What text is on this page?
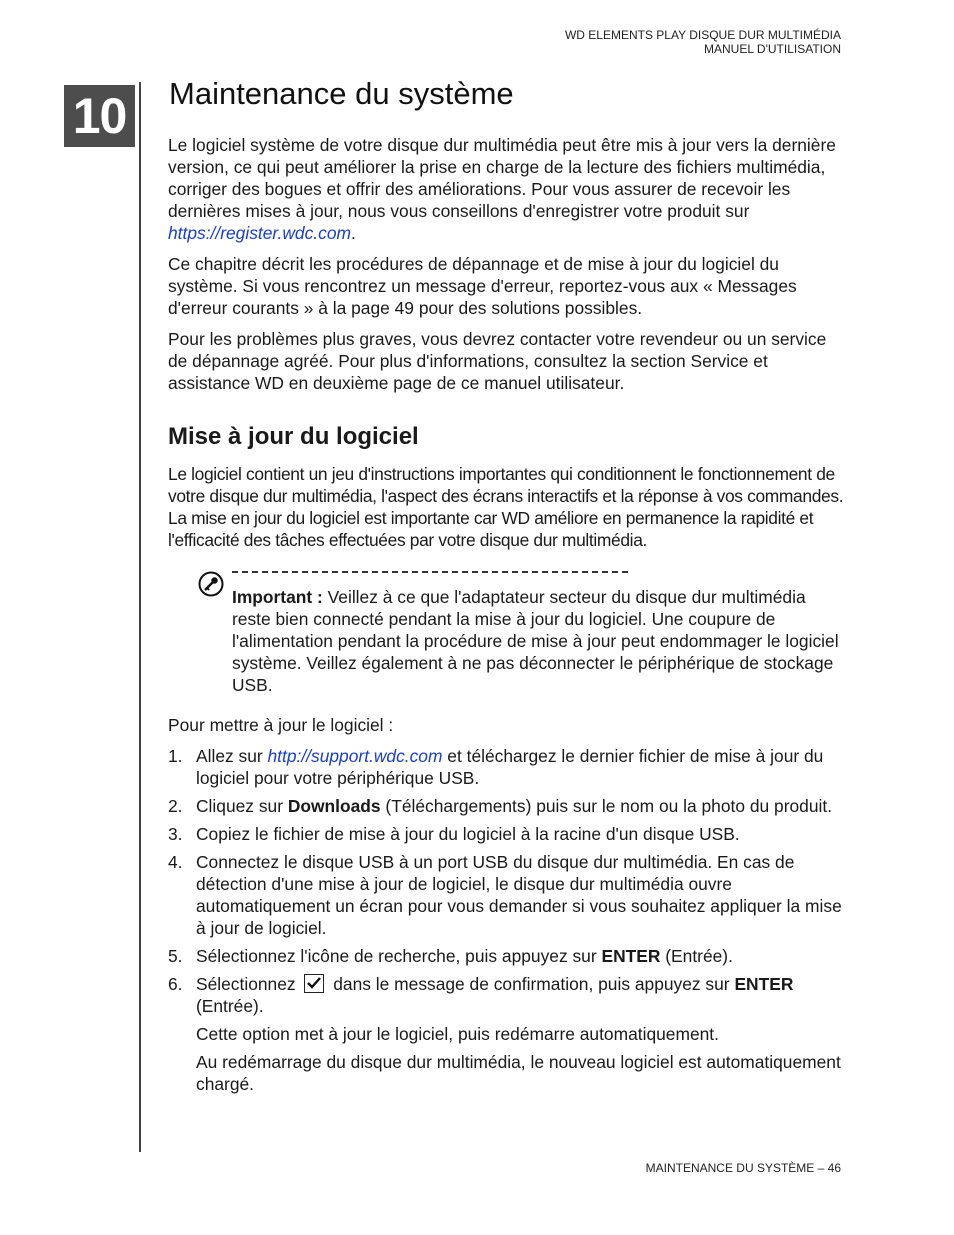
WD ELEMENTS PLAY DISQUE DUR MULTIMÉDIA
MANUEL D'UTILISATION
10 Maintenance du système

Le logiciel système de votre disque dur multimédia peut être mis à jour vers la dernière version, ce qui peut améliorer la prise en charge de la lecture des fichiers multimédia, corriger des bogues et offrir des améliorations. Pour vous assurer de recevoir les dernières mises à jour, nous vous conseillons d'enregistrer votre produit sur https://register.wdc.com.

Ce chapitre décrit les procédures de dépannage et de mise à jour du logiciel du système. Si vous rencontrez un message d'erreur, reportez-vous aux « Messages d'erreur courants » à la page 49 pour des solutions possibles.

Pour les problèmes plus graves, vous devrez contacter votre revendeur ou un service de dépannage agréé. Pour plus d'informations, consultez la section Service et assistance WD en deuxième page de ce manuel utilisateur.

Mise à jour du logiciel

Le logiciel contient un jeu d'instructions importantes qui conditionnent le fonctionnement de votre disque dur multimédia, l'aspect des écrans interactifs et la réponse à vos commandes. La mise en jour du logiciel est importante car WD améliore en permanence la rapidité et l'efficacité des tâches effectuées par votre disque dur multimédia.

Important : Veillez à ce que l'adaptateur secteur du disque dur multimédia reste bien connecté pendant la mise à jour du logiciel. Une coupure de l'alimentation pendant la procédure de mise à jour peut endommager le logiciel système. Veillez également à ne pas déconnecter le périphérique de stockage USB.

Pour mettre à jour le logiciel :

1. Allez sur http://support.wdc.com et téléchargez le dernier fichier de mise à jour du logiciel pour votre périphérique USB.
2. Cliquez sur Downloads (Téléchargements) puis sur le nom ou la photo du produit.
3. Copiez le fichier de mise à jour du logiciel à la racine d'un disque USB.
4. Connectez le disque USB à un port USB du disque dur multimédia. En cas de détection d'une mise à jour de logiciel, le disque dur multimédia ouvre automatiquement un écran pour vous demander si vous souhaitez appliquer la mise à jour de logiciel.
5. Sélectionnez l'icône de recherche, puis appuyez sur ENTER (Entrée).
6. Sélectionnez
dans le message de confirmation, puis appuyez sur ENTER (Entrée).
Cette option met à jour le logiciel, puis redémarre automatiquement.
Au redémarrage du disque dur multimédia, le nouveau logiciel est automatiquement chargé.
MAINTENANCE DU SYSTÈME – 46
